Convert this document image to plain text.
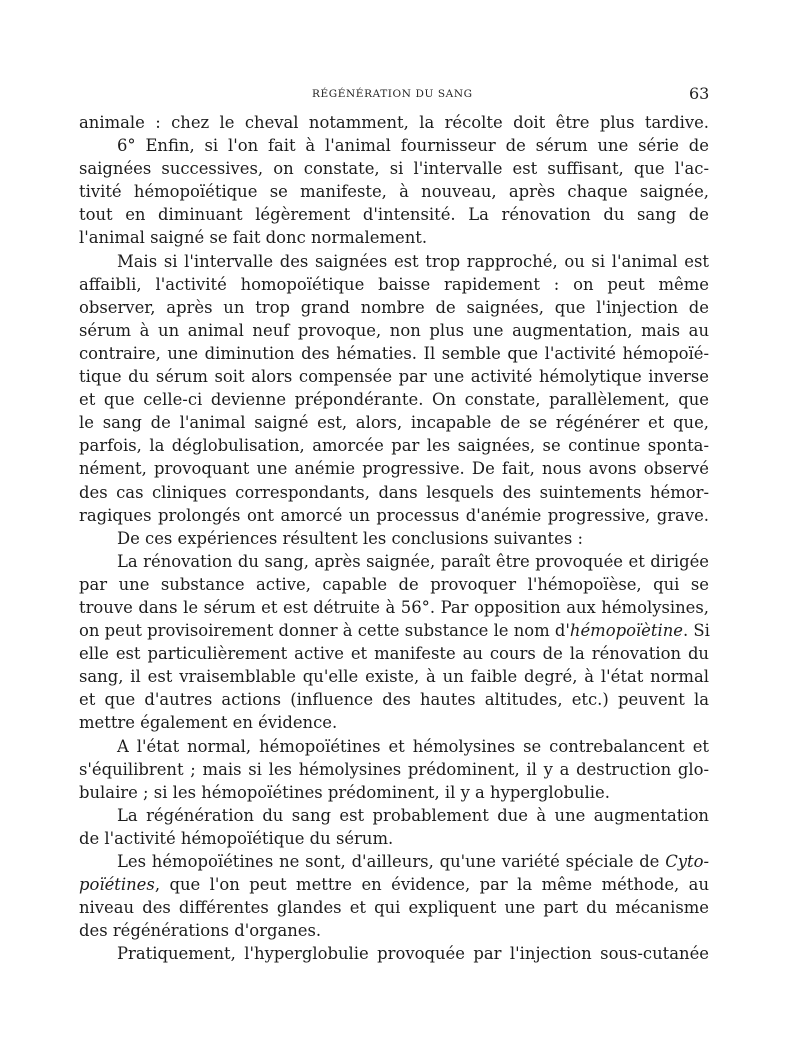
RÉGÉNÉRATION DU SANG	63
animale : chez le cheval notamment, la récolte doit être plus tardive.
6° Enfin, si l'on fait à l'animal fournisseur de sérum une série de
saignées successives, on constate, si l'intervalle est suffisant, que l'ac-
tivité hémopoïétique se manifeste, à nouveau, après chaque saignée,
tout en diminuant légèrement d'intensité. La rénovation du sang de
l'animal saigné se fait donc normalement.
Mais si l'intervalle des saignées est trop rapproché, ou si l'animal est
affaibli, l'activité homopoïétique baisse rapidement : on peut même
observer, après un trop grand nombre de saignées, que l'injection de
sérum à un animal neuf provoque, non plus une augmentation, mais au
contraire, une diminution des hématies. Il semble que l'activité hémopoïé-
tique du sérum soit alors compensée par une activité hémolytique inverse
et que celle-ci devienne prépondérante. On constate, parallèlement, que
le sang de l'animal saigné est, alors, incapable de se régénérer et que,
parfois, la déglobulisation, amorcée par les saignées, se continue sponta-
nément, provoquant une anémie progressive. De fait, nous avons observé
des cas cliniques correspondants, dans lesquels des suintements hémor-
ragiques prolongés ont amorcé un processus d'anémie progressive, grave.
De ces expériences résultent les conclusions suivantes :
La rénovation du sang, après saignée, paraît être provoquée et dirigée
par une substance active, capable de provoquer l'hémopoïèse, qui se
trouve dans le sérum et est détruite à 56°. Par opposition aux hémolysines,
on peut provisoirement donner à cette substance le nom d'hémopoïètine. Si
elle est particulièrement active et manifeste au cours de la rénovation du
sang, il est vraisemblable qu'elle existe, à un faible degré, à l'état normal
et que d'autres actions (influence des hautes altitudes, etc.) peuvent la
mettre également en évidence.
A l'état normal, hémopoïétines et hémolysines se contrebalancent et
s'équilibrent ; mais si les hémolysines prédominent, il y a destruction glo-
bulaire ; si les hémopoïétines prédominent, il y a hyperglobulie.
La régénération du sang est probablement due à une augmentation
de l'activité hémopoïétique du sérum.
Les hémopoïétines ne sont, d'ailleurs, qu'une variété spéciale de Cyto-
poïétines, que l'on peut mettre en évidence, par la même méthode, au
niveau des différentes glandes et qui expliquent une part du mécanisme
des régénérations d'organes.
Pratiquement, l'hyperglobulie provoquée par l'injection sous-cutanée
